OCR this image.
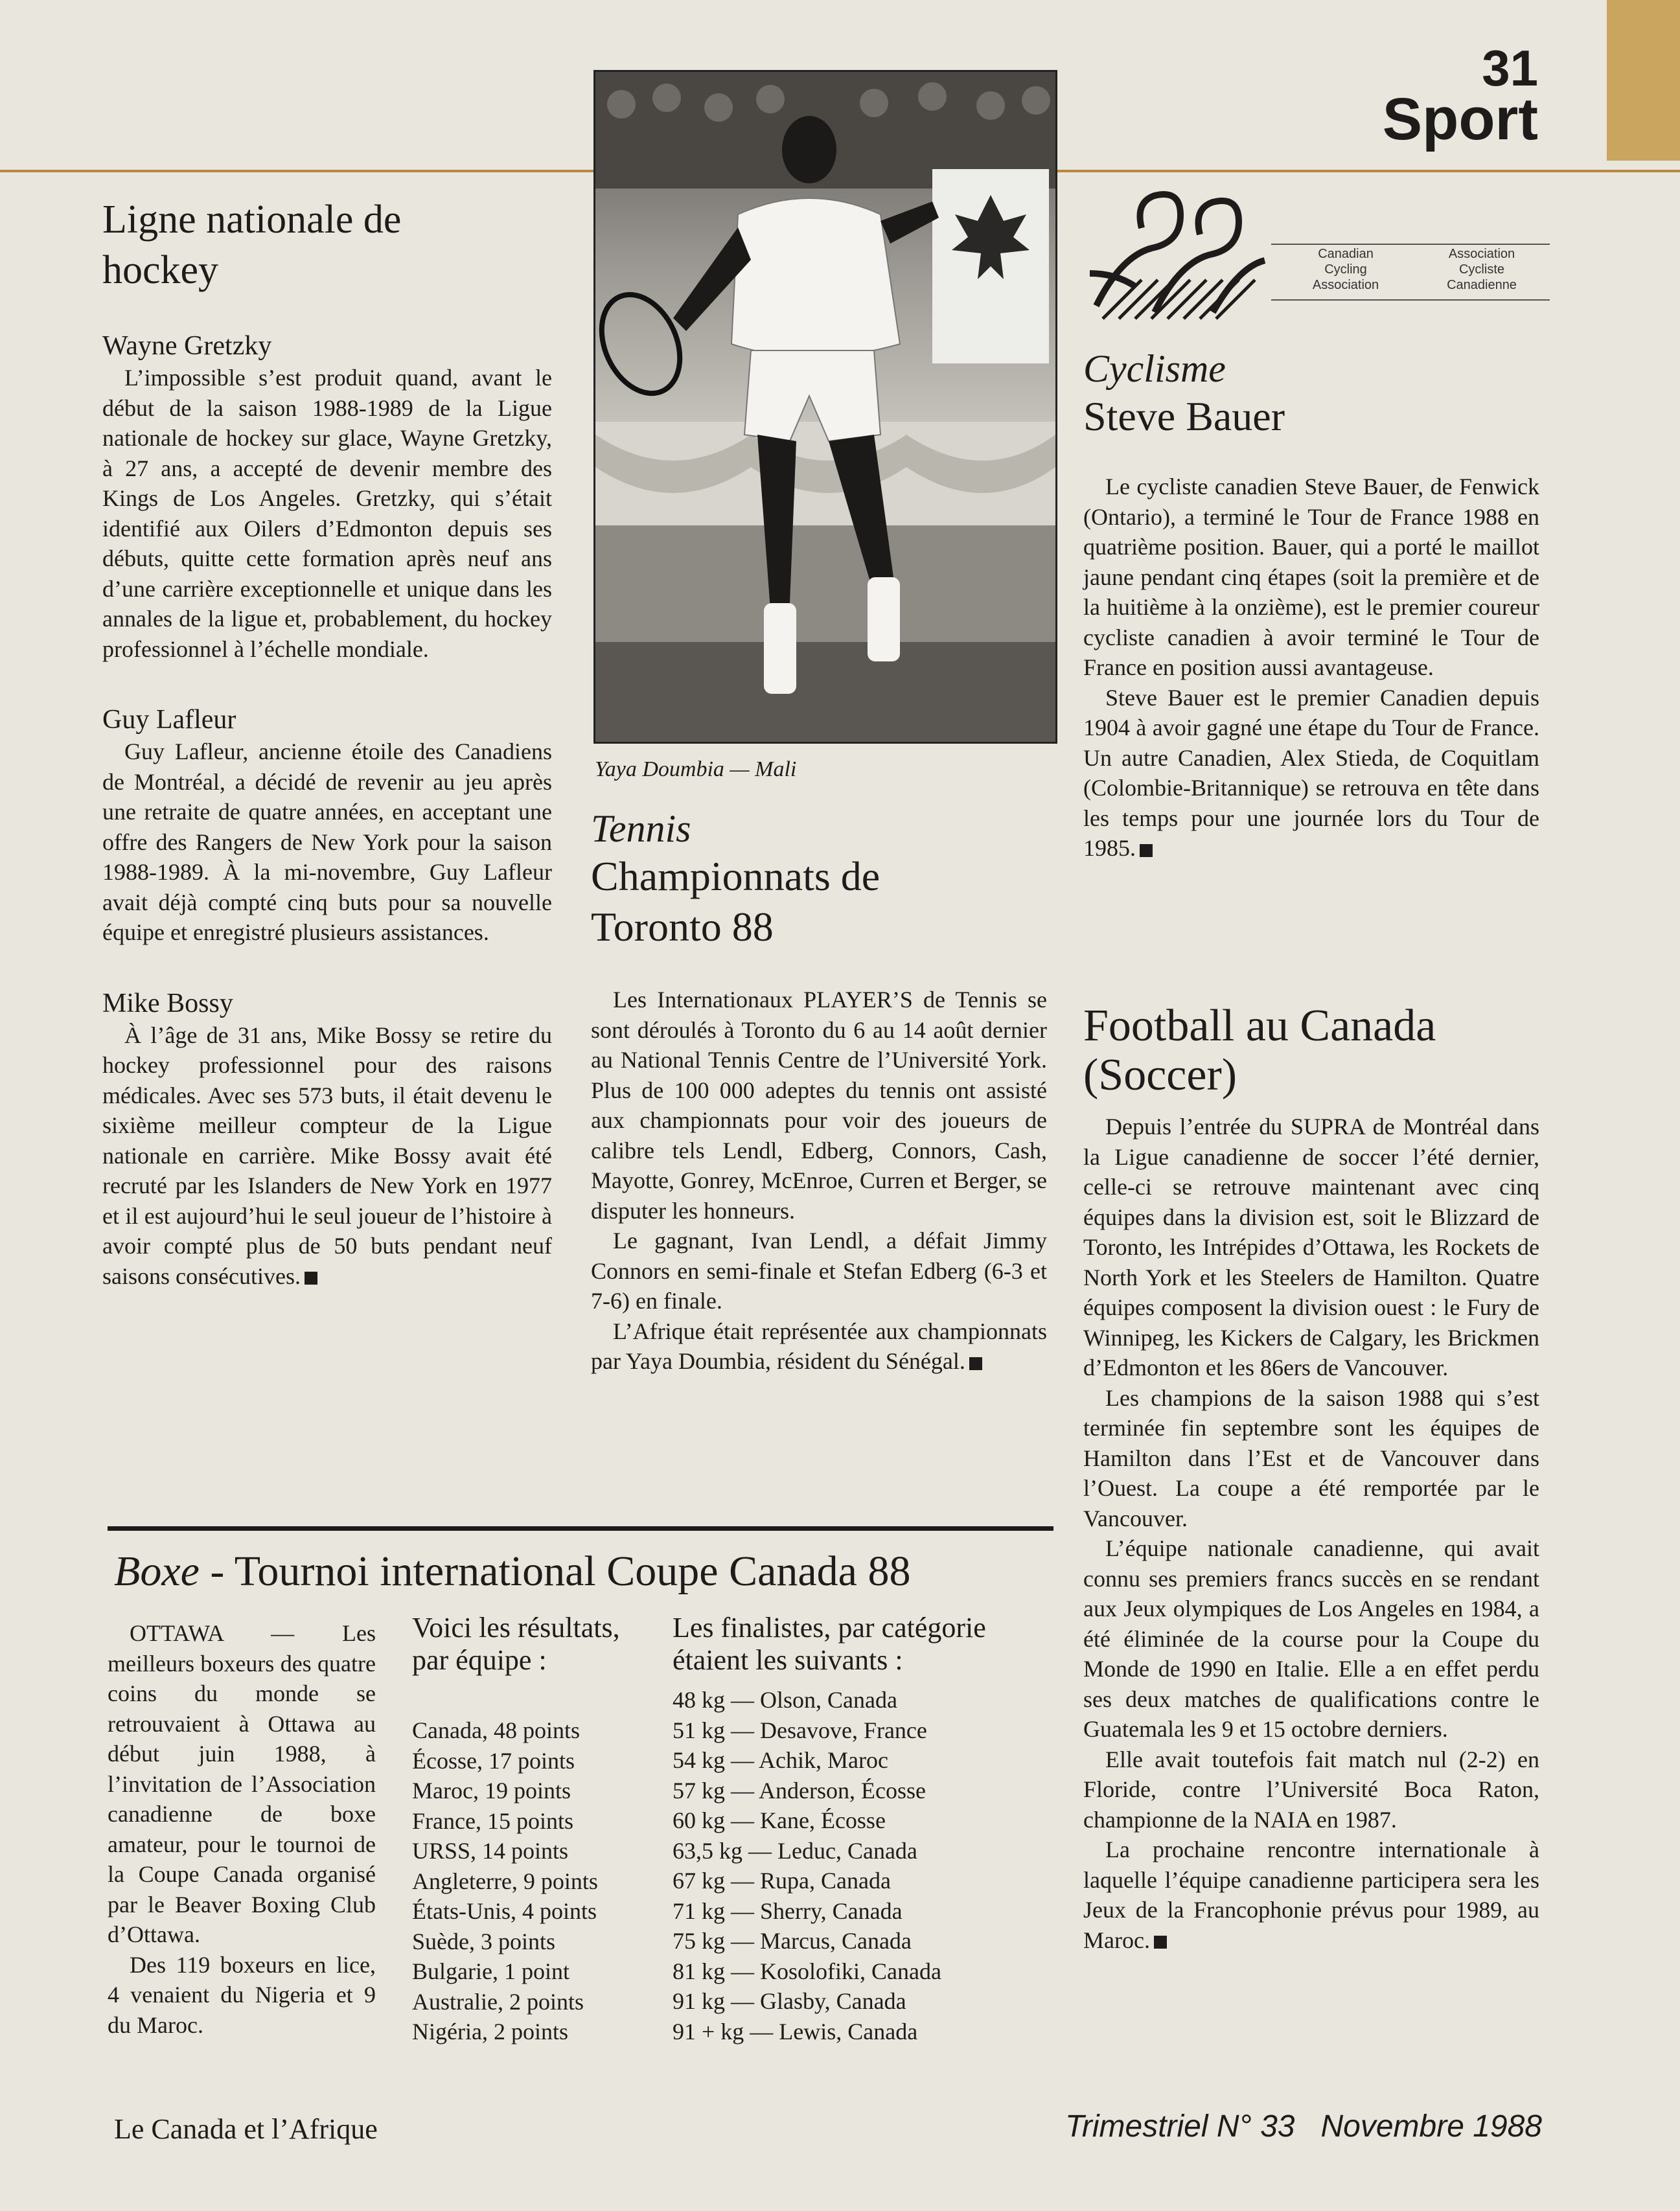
31
Sport
Ligne nationale de hockey
Wayne Gretzky

L’impossible s’est produit quand, avant le début de la saison 1988-1989 de la Ligue nationale de hockey sur glace, Wayne Gretzky, à 27 ans, a accepté de devenir membre des Kings de Los Angeles. Gretzky, qui s’était identifié aux Oilers d’Edmonton depuis ses débuts, quitte cette formation après neuf ans d’une carrière exceptionnelle et unique dans les annales de la ligue et, probablement, du hockey professionnel à l’échelle mondiale.

Guy Lafleur

Guy Lafleur, ancienne étoile des Canadiens de Montréal, a décidé de revenir au jeu après une retraite de quatre années, en acceptant une offre des Rangers de New York pour la saison 1988-1989. À la mi-novembre, Guy Lafleur avait déjà compté cinq buts pour sa nouvelle équipe et enregistré plusieurs assistances.

Mike Bossy

À l’âge de 31 ans, Mike Bossy se retire du hockey professionnel pour des raisons médicales. Avec ses 573 buts, il était devenu le sixième meilleur compteur de la Ligue nationale en carrière. Mike Bossy avait été recruté par les Islanders de New York en 1977 et il est aujourd’hui le seul joueur de l’histoire à avoir compté plus de 50 buts pendant neuf saisons consécutives.

Yaya Doumbia — Mali
Tennis
Championnats de
Toronto 88

Les Internationaux PLAYER’S de Tennis se sont déroulés à Toronto du 6 au 14 août dernier au National Tennis Centre de l’Université York. Plus de 100 000 adeptes du tennis ont assisté aux championnats pour voir des joueurs de calibre tels Lendl, Edberg, Connors, Cash, Mayotte, Gonrey, McEnroe, Curren et Berger, se disputer les honneurs.

Le gagnant, Ivan Lendl, a défait Jimmy Connors en semi-finale et Stefan Edberg (6-3 et 7-6) en finale.

L’Afrique était représentée aux championnats par Yaya Doumbia, résident du Sénégal.

Canadian
Cycling
Association
Association
Cycliste
Canadienne
Cyclisme
Steve Bauer

Le cycliste canadien Steve Bauer, de Fenwick (Ontario), a terminé le Tour de France 1988 en quatrième position. Bauer, qui a porté le maillot jaune pendant cinq étapes (soit la première et de la huitième à la onzième), est le premier coureur cycliste canadien à avoir terminé le Tour de France en position aussi avantageuse.

Steve Bauer est le premier Canadien depuis 1904 à avoir gagné une étape du Tour de France. Un autre Canadien, Alex Stieda, de Coquitlam (Colombie-Britannique) se retrouva en tête dans les temps pour une journée lors du Tour de 1985.

Football au Canada
(Soccer)

Depuis l’entrée du SUPRA de Montréal dans la Ligue canadienne de soccer l’été dernier, celle-ci se retrouve maintenant avec cinq équipes dans la division est, soit le Blizzard de Toronto, les Intrépides d’Ottawa, les Rockets de North York et les Steelers de Hamilton. Quatre équipes composent la division ouest : le Fury de Winnipeg, les Kickers de Calgary, les Brickmen d’Edmonton et les 86ers de Vancouver.

Les champions de la saison 1988 qui s’est terminée fin septembre sont les équipes de Hamilton dans l’Est et de Vancouver dans l’Ouest. La coupe a été remportée par le Vancouver.

L’équipe nationale canadienne, qui avait connu ses premiers francs succès en se rendant aux Jeux olympiques de Los Angeles en 1984, a été éliminée de la course pour la Coupe du Monde de 1990 en Italie. Elle a en effet perdu ses deux matches de qualifications contre le Guatemala les 9 et 15 octobre derniers.

Elle avait toutefois fait match nul (2-2) en Floride, contre l’Université Boca Raton, championne de la NAIA en 1987.

La prochaine rencontre internationale à laquelle l’équipe canadienne participera sera les Jeux de la Francophonie prévus pour 1989, au Maroc.

Boxe - Tournoi international Coupe Canada 88

OTTAWA — Les meilleurs boxeurs des quatre coins du monde se retrouvaient à Ottawa au début juin 1988, à l’invitation de l’Association canadienne de boxe amateur, pour le tournoi de la Coupe Canada organisé par le Beaver Boxing Club d’Ottawa.

Des 119 boxeurs en lice, 4 venaient du Nigeria et 9 du Maroc.

Voici les résultats, par équipe :
Canada, 48 points
Écosse, 17 points
Maroc, 19 points
France, 15 points
URSS, 14 points
Angleterre, 9 points
États-Unis, 4 points
Suède, 3 points
Bulgarie, 1 point
Australie, 2 points
Nigéria, 2 points
Les finalistes, par catégorie étaient les suivants :
48 kg — Olson, Canada
51 kg — Desavove, France
54 kg — Achik, Maroc
57 kg — Anderson, Écosse
60 kg — Kane, Écosse
63,5 kg — Leduc, Canada
67 kg — Rupa, Canada
71 kg — Sherry, Canada
75 kg — Marcus, Canada
81 kg — Kosolofiki, Canada
91 kg — Glasby, Canada
91 + kg — Lewis, Canada
Le Canada et l’Afrique	Trimestriel N° 33   Novembre 1988
